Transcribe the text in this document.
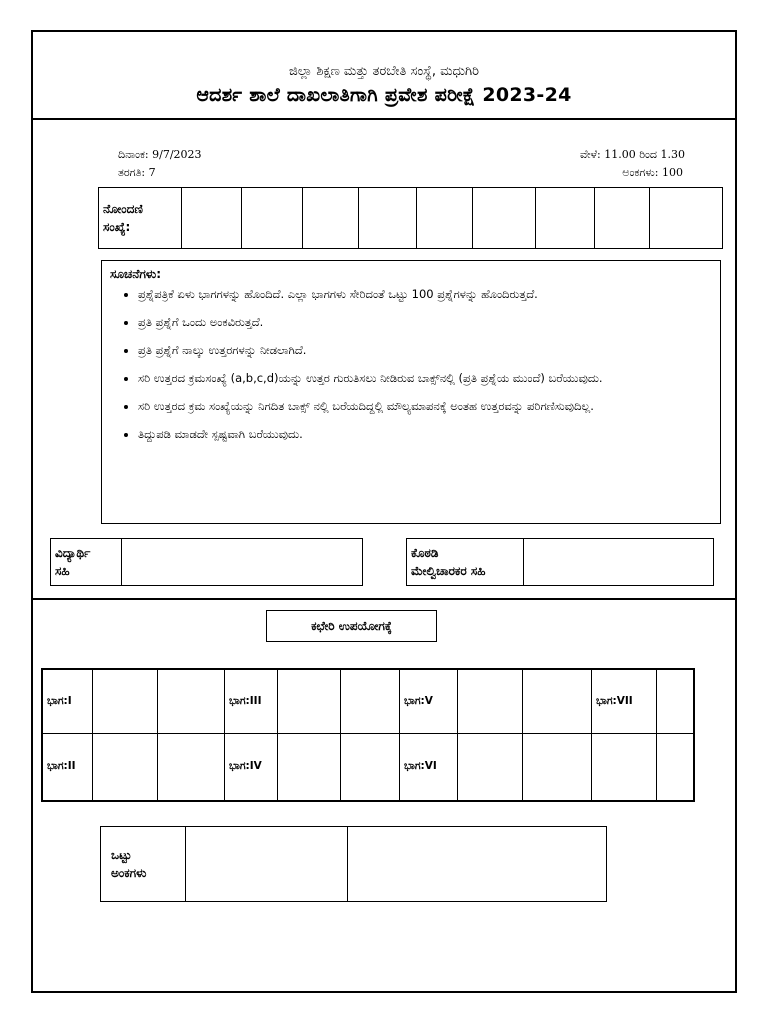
ಜಿಲ್ಲಾ ಶಿಕ್ಷಣ ಮತ್ತು ತರಬೇತಿ ಸಂಸ್ಥೆ, ಮಧುಗಿರಿ
ಆದರ್ಶ ಶಾಲೆ ದಾಖಲಾತಿಗಾಗಿ ಪ್ರವೇಶ ಪರೀಕ್ಷೆ 2023-24
ದಿನಾಂಕ: 9/7/2023
ತರಗತಿ: 7
ವೇಳೆ: 11.00 ರಿಂದ 1.30
ಅಂಕಗಳು: 100
ನೋಂದಣಿ
ಸಂಖ್ಯೆ:

ಸೂಚನೆಗಳು:
• ಪ್ರಶ್ನೆಪತ್ರಿಕೆ ಏಳು ಭಾಗಗಳನ್ನು ಹೊಂದಿದೆ. ಎಲ್ಲಾ ಭಾಗಗಳು ಸೇರಿದಂತೆ ಒಟ್ಟು 100 ಪ್ರಶ್ನೆಗಳನ್ನು ಹೊಂದಿರುತ್ತದೆ.
• ಪ್ರತಿ ಪ್ರಶ್ನೆಗೆ ಒಂದು ಅಂಕವಿರುತ್ತದೆ.
• ಪ್ರತಿ ಪ್ರಶ್ನೆಗೆ ನಾಲ್ಕು ಉತ್ತರಗಳನ್ನು ನೀಡಲಾಗಿದೆ.
• ಸರಿ ಉತ್ತರದ ಕ್ರಮಸಂಖ್ಯೆ (a,b,c,d)ಯನ್ನು ಉತ್ತರ ಗುರುತಿಸಲು ನೀಡಿರುವ ಬಾಕ್ಸ್‌ನಲ್ಲಿ (ಪ್ರತಿ ಪ್ರಶ್ನೆಯ ಮುಂದೆ) ಬರೆಯುವುದು.
• ಸರಿ ಉತ್ತರದ ಕ್ರಮ ಸಂಖ್ಯೆಯನ್ನು ನಿಗದಿತ ಬಾಕ್ಸ್ ನಲ್ಲಿ ಬರೆಯದಿದ್ದಲ್ಲಿ ಮೌಲ್ಯಮಾಪನಕ್ಕೆ ಅಂತಹ ಉತ್ತರವನ್ನು ಪರಿಗಣಿಸುವುದಿಲ್ಲ.
• ತಿದ್ದುಪಡಿ ಮಾಡದೇ ಸ್ಪಷ್ಟವಾಗಿ ಬರೆಯುವುದು.
ವಿದ್ಯಾರ್ಥಿ
ಸಹಿ

ಕೊಠಡಿ
ಮೇಲ್ವಿಚಾರಕರ ಸಹಿ

ಕಛೇರಿ ಉಪಯೋಗಕ್ಕೆ
ಭಾಗ:I			ಭಾಗ:III			ಭಾಗ:V			ಭಾಗ:VII	
ಭಾಗ:II			ಭಾಗ:IV			ಭಾಗ:VI				
ಒಟ್ಟು
ಅಂಕಗಳು
